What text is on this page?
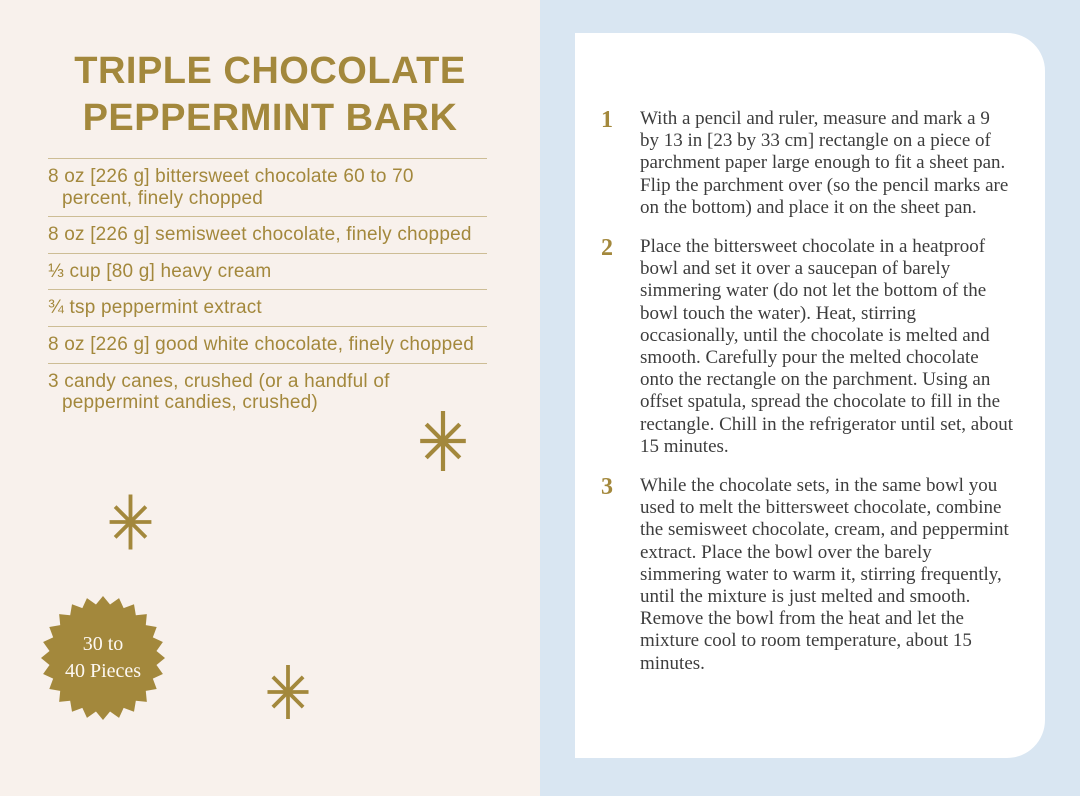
TRIPLE CHOCOLATE
PEPPERMINT BARK
8 oz [226 g] bittersweet chocolate 60 to 70 percent, finely chopped
8 oz [226 g] semisweet chocolate, finely chopped
⅓ cup [80 g] heavy cream
¾ tsp peppermint extract
8 oz [226 g] good white chocolate, finely chopped
3 candy canes, crushed (or a handful of peppermint candies, crushed)
30 to
40 Pieces
1	With a pencil and ruler, measure and mark a 9 by 13 in [23 by 33 cm] rectangle on a piece of parchment paper large enough to fit a sheet pan. Flip the parchment over (so the pencil marks are on the bottom) and place it on the sheet pan.

2	Place the bittersweet chocolate in a heatproof bowl and set it over a saucepan of barely simmering water (do not let the bottom of the bowl touch the water). Heat, stirring occasionally, until the chocolate is melted and smooth. Carefully pour the melted chocolate onto the rectangle on the parchment. Using an offset spatula, spread the chocolate to fill in the rectangle. Chill in the refrigerator until set, about 15 minutes.

3	While the chocolate sets, in the same bowl you used to melt the bittersweet chocolate, combine the semisweet chocolate, cream, and peppermint extract. Place the bowl over the barely simmering water to warm it, stirring frequently, until the mixture is just melted and smooth. Remove the bowl from the heat and let the mixture cool to room temperature, about 15 minutes.
